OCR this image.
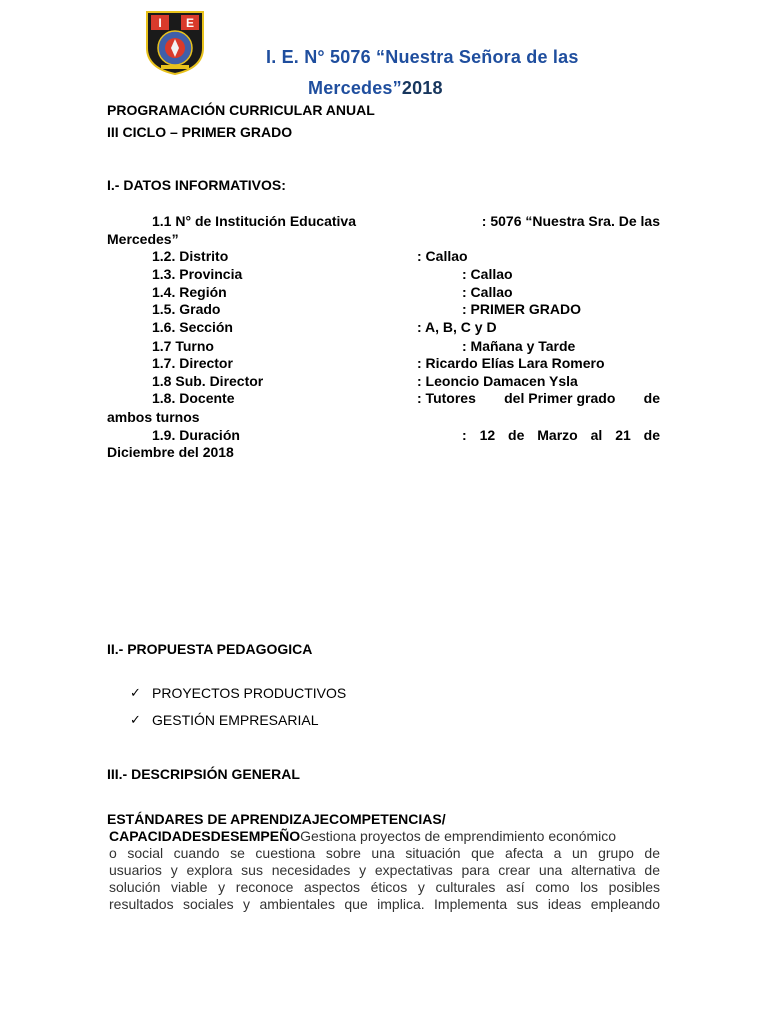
I E
I. E. N° 5076 “Nuestra Señora de las
Mercedes”2018
PROGRAMACIÓN CURRICULAR ANUAL
III CICLO – PRIMER GRADO
I.- DATOS INFORMATIVOS:
1.1 N° de Institución Educativa	: 5076 “Nuestra Sra. De las
Mercedes”
1.2. Distrito	: Callao
1.3. Provincia	: Callao
1.4. Región	: Callao
1.5. Grado	: PRIMER GRADO
1.6. Sección	: A, B, C y D
1.7 Turno	: Mañana y Tarde
1.7. Director	: Ricardo Elías Lara Romero
1.8 Sub. Director	: Leoncio Damacen Ysla
1.8. Docente	: Tutores del Primer grado de
ambos turnos
1.9. Duración	: 12 de Marzo al 21 de
Diciembre del 2018
II.- PROPUESTA PEDAGOGICA
✓ PROYECTOS PRODUCTIVOS
✓ GESTIÓN EMPRESARIAL
III.- DESCRIPSIÓN GENERAL
ESTÁNDARES DE APRENDIZAJECOMPETENCIAS/
CAPACIDADESDESEMPEÑOGestiona proyectos de emprendimiento económico
o social cuando se cuestiona sobre una situación que afecta a un grupo de
usuarios y explora sus necesidades y expectativas para crear una alternativa de
solución viable y reconoce aspectos éticos y culturales así como los posibles
resultados sociales y ambientales que implica. Implementa sus ideas empleando
